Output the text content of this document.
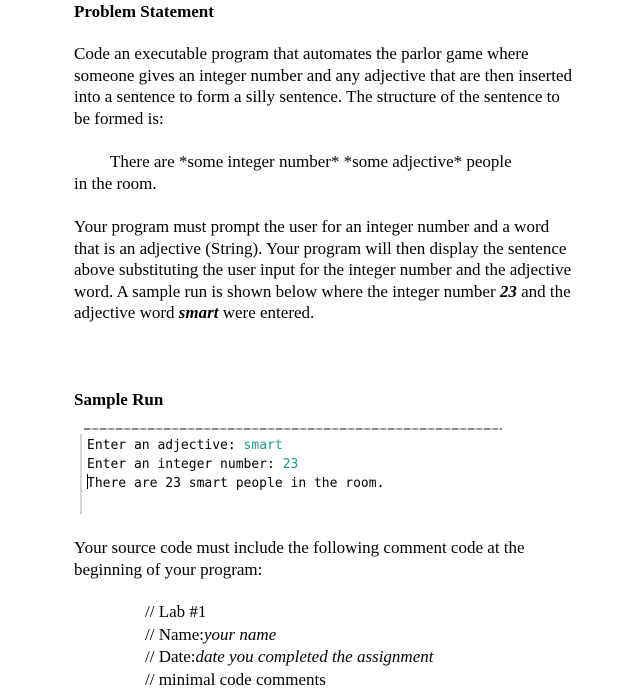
Problem Statement

Code an executable program that automates the parlor game where someone gives an integer number and any adjective that are then inserted into a sentence to form a silly sentence. The structure of the sentence to be formed is:

There are *some integer number* *some adjective* people
in the room.

Your program must prompt the user for an integer number and a word that is an adjective (String). Your program will then display the sentence above substituting the user input for the integer number and the adjective word. A sample run is shown below where the integer number 23 and the adjective word smart were entered.

Sample Run

Your source code must include the following comment code at the beginning of your program:

Enter an adjective: smart
Enter an integer number: 23
There are 23 smart people in the room.
// Lab #1
// Name:your name
// Date:date you completed the assignment
// minimal code comments
